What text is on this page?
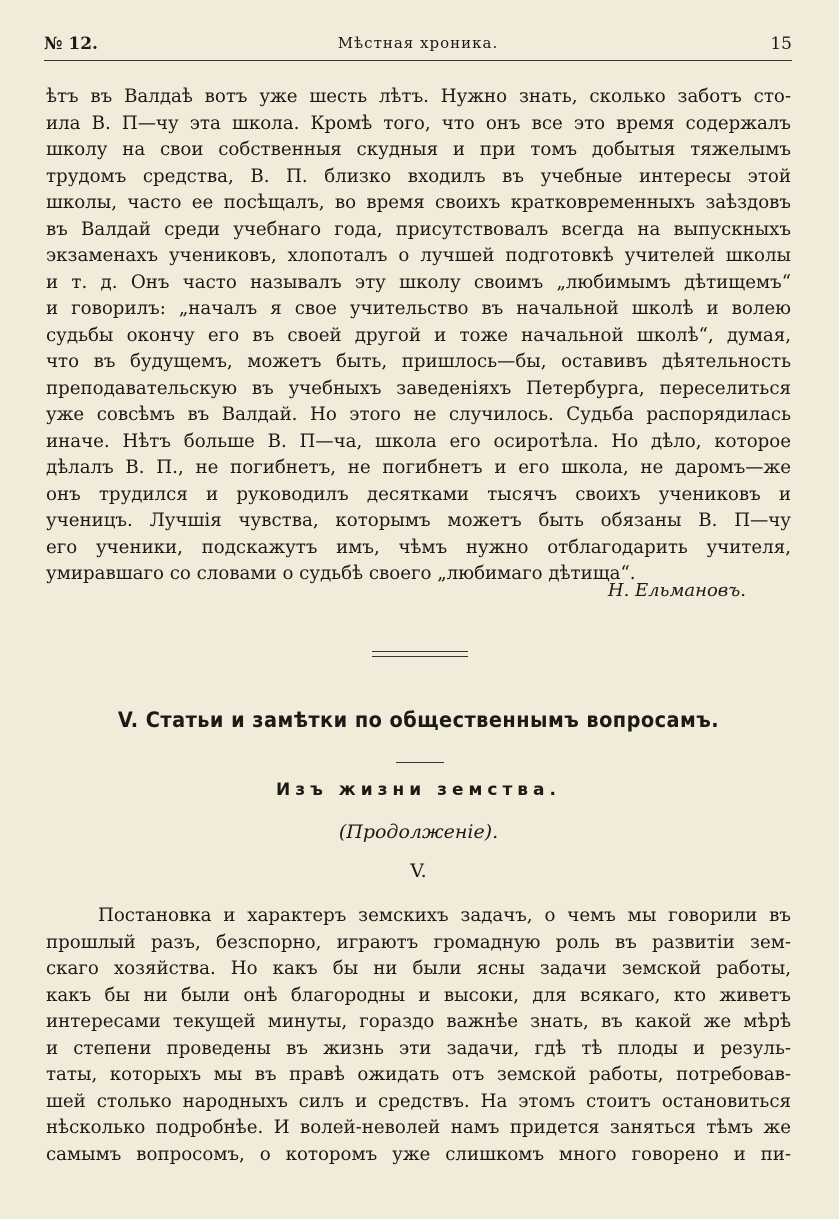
№ 12.	Мѣстная хроника.	15
ѣтъ въ Валдаѣ вотъ уже шесть лѣтъ. Нужно знать, сколько заботъ сто-
ила В. П—чу эта школа. Кромѣ того, что онъ все это время содержалъ
школу на свои собственныя скудныя и при томъ добытыя тяжелымъ
трудомъ средства, В. П. близко входилъ въ учебные интересы этой
школы, часто ее посѣщалъ, во время своихъ кратковременныхъ заѣздовъ
въ Валдай среди учебнаго года, присутствовалъ всегда на выпускныхъ
экзаменахъ учениковъ, хлопоталъ о лучшей подготовкѣ учителей школы
и т. д. Онъ часто называлъ эту школу своимъ „любимымъ дѣтищемъ“
и говорилъ: „началъ я свое учительство въ начальной школѣ и волею
судьбы окончу его въ своей другой и тоже начальной школѣ“, думая,
что въ будущемъ, можетъ быть, пришлось—бы, оставивъ дѣятельность
преподавательскую въ учебныхъ заведеніяхъ Петербурга, переселиться
уже совсѣмъ въ Валдай. Но этого не случилось. Судьба распорядилась
иначе. Нѣтъ больше В. П—ча, школа его осиротѣла. Но дѣло, которое
дѣлалъ В. П., не погибнетъ, не погибнетъ и его школа, не даромъ—же
онъ трудился и руководилъ десятками тысячъ своихъ учениковъ и
ученицъ. Лучшія чувства, которымъ можетъ быть обязаны В. П—чу
его ученики, подскажутъ имъ, чѣмъ нужно отблагодарить учителя,
умиравшаго со словами о судьбѣ своего „любимаго дѣтища“.
Н. Ельмановъ.
V. Статьи и замѣтки по общественнымъ вопросамъ.
Изъ жизни земства.
(Продолженіе).
V.
Постановка и характеръ земскихъ задачъ, о чемъ мы говорили въ
прошлый разъ, безспорно, играютъ громадную роль въ развитіи зем-
скаго хозяйства. Но какъ бы ни были ясны задачи земской работы,
какъ бы ни были онѣ благородны и высоки, для всякаго, кто живетъ
интересами текущей минуты, гораздо важнѣе знать, въ какой же мѣрѣ
и степени проведены въ жизнь эти задачи, гдѣ тѣ плоды и резуль-
таты, которыхъ мы въ правѣ ожидать отъ земской работы, потребовав-
шей столько народныхъ силъ и средствъ. На этомъ стоитъ остановиться
нѣсколько подробнѣе. И волей-неволей намъ придется заняться тѣмъ же
самымъ вопросомъ, о которомъ уже слишкомъ много говорено и пи-
